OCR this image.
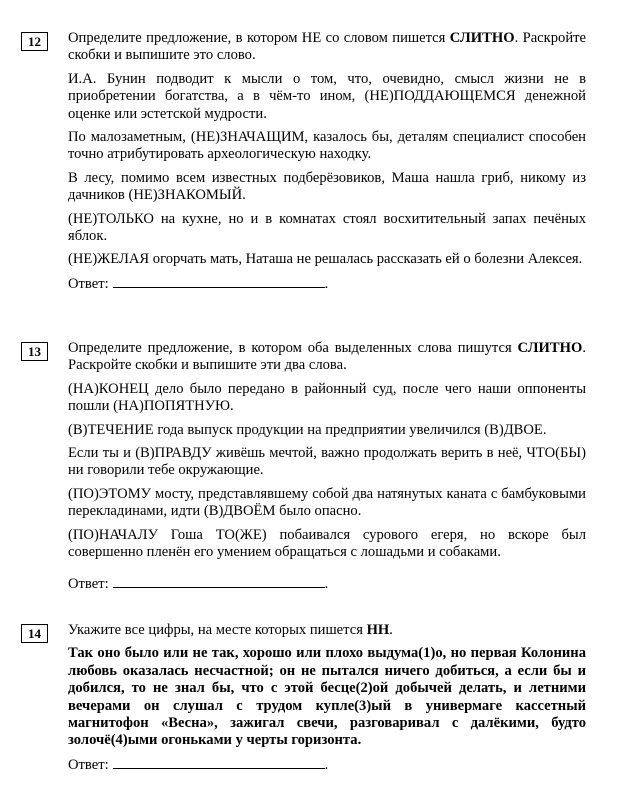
12	Определите предложение, в котором НЕ со словом пишется СЛИТНО. Раскройте скобки и выпишите это слово.

И.А. Бунин подводит к мысли о том, что, очевидно, смысл жизни не в приобретении богатства, а в чём-то ином, (НЕ)ПОДДАЮЩЕМСЯ денежной оценке или эстетской мудрости.

По малозаметным, (НЕ)ЗНАЧАЩИМ, казалось бы, деталям специалист способен точно атрибутировать археологическую находку.

В лесу, помимо всем известных подберёзовиков, Маша нашла гриб, никому из дачников (НЕ)ЗНАКОМЫЙ.

(НЕ)ТОЛЬКО на кухне, но и в комнатах стоял восхитительный запах печёных яблок.

(НЕ)ЖЕЛАЯ огорчать мать, Наташа не решалась рассказать ей о болезни Алексея.

Ответ:	.

13	Определите предложение, в котором оба выделенных слова пишутся СЛИТНО. Раскройте скобки и выпишите эти два слова.

(НА)КОНЕЦ дело было передано в районный суд, после чего наши оппоненты пошли (НА)ПОПЯТНУЮ.

(В)ТЕЧЕНИЕ года выпуск продукции на предприятии увеличился (В)ДВОЕ.

Если ты и (В)ПРАВДУ живёшь мечтой, важно продолжать верить в неё, ЧТО(БЫ) ни говорили тебе окружающие.

(ПО)ЭТОМУ мосту, представлявшему собой два натянутых каната с бамбуковыми перекладинами, идти (В)ДВОЁМ было опасно.

(ПО)НАЧАЛУ Гоша ТО(ЖЕ) побаивался сурового егеря, но вскоре был совершенно пленён его умением обращаться с лошадьми и собаками.

Ответ:	.

14	Укажите все цифры, на месте которых пишется НН.

Так оно было или не так, хорошо или плохо выдума(1)о, но первая Колонина любовь оказалась несчастной; он не пытался ничего добиться, а если бы и добился, то не знал бы, что с этой бесце(2)ой добычей делать, и летними вечерами он слушал с трудом купле(3)ый в универмаге кассетный магнитофон «Весна», зажигал свечи, разговаривал с далёкими, будто золочё(4)ыми огоньками у черты горизонта.

Ответ:	.
